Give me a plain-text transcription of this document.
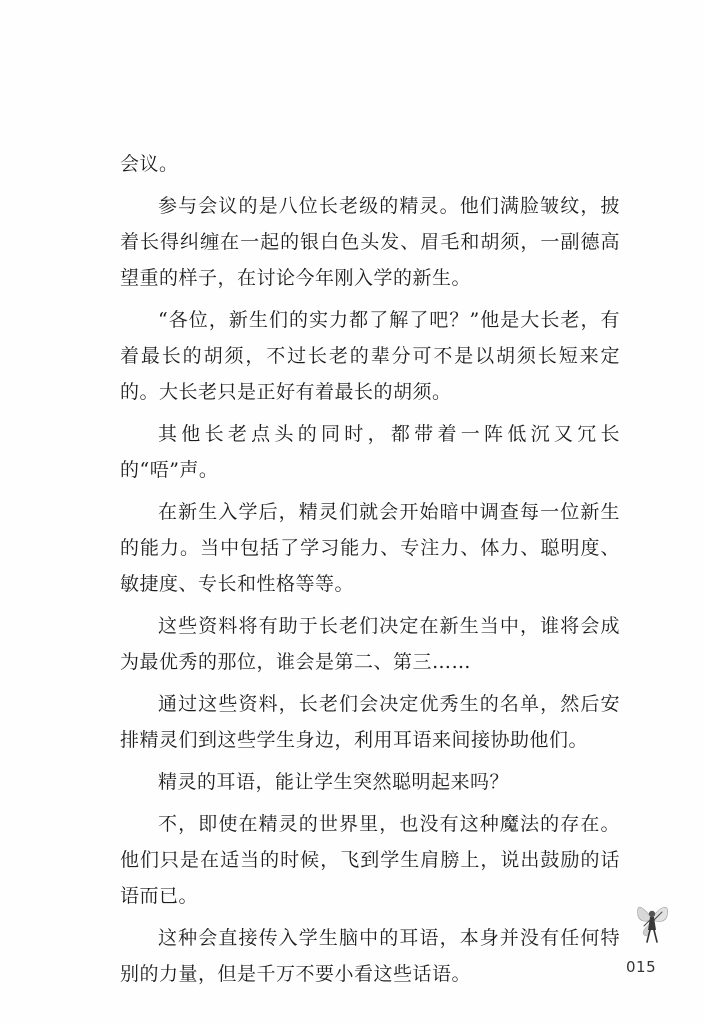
会议。

参与会议的是八位长老级的精灵。他们满脸皱纹，披着长得纠缠在一起的银白色头发、眉毛和胡须，一副德高望重的样子，在讨论今年刚入学的新生。

“各位，新生们的实力都了解了吧？”他是大长老，有着最长的胡须，不过长老的辈分可不是以胡须长短来定的。大长老只是正好有着最长的胡须。

其他长老点头的同时，都带着一阵低沉又冗长的“唔”声。

在新生入学后，精灵们就会开始暗中调查每一位新生的能力。当中包括了学习能力、专注力、体力、聪明度、敏捷度、专长和性格等等。

这些资料将有助于长老们决定在新生当中，谁将会成为最优秀的那位，谁会是第二、第三……

通过这些资料，长老们会决定优秀生的名单，然后安排精灵们到这些学生身边，利用耳语来间接协助他们。

精灵的耳语，能让学生突然聪明起来吗？

不，即使在精灵的世界里，也没有这种魔法的存在。他们只是在适当的时候，飞到学生肩膀上，说出鼓励的话语而已。

这种会直接传入学生脑中的耳语，本身并没有任何特别的力量，但是千万不要小看这些话语。	015
